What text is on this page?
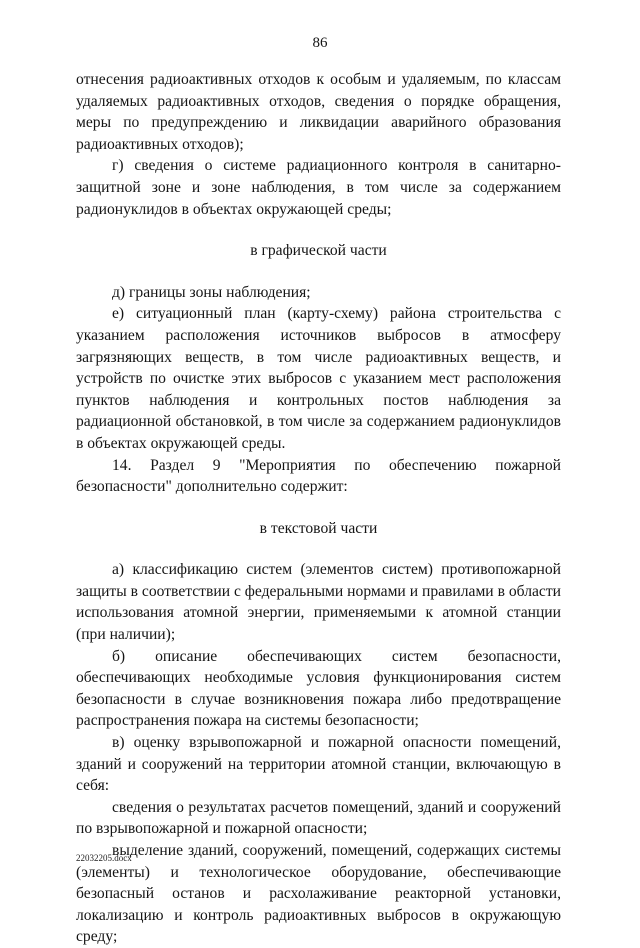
86

отнесения радиоактивных отходов к особым и удаляемым, по классам удаляемых радиоактивных отходов, сведения о порядке обращения, меры по предупреждению и ликвидации аварийного образования радиоактивных отходов);

г) сведения о системе радиационного контроля в санитарно-защитной зоне и зоне наблюдения, в том числе за содержанием радионуклидов в объектах окружающей среды;

в графической части

д) границы зоны наблюдения;

е) ситуационный план (карту-схему) района строительства с указанием расположения источников выбросов в атмосферу загрязняющих веществ, в том числе радиоактивных веществ, и устройств по очистке этих выбросов с указанием мест расположения пунктов наблюдения и контрольных постов наблюдения за радиационной обстановкой, в том числе за содержанием радионуклидов в объектах окружающей среды.

14. Раздел 9 "Мероприятия по обеспечению пожарной безопасности" дополнительно содержит:

в текстовой части

а) классификацию систем (элементов систем) противопожарной защиты в соответствии с федеральными нормами и правилами в области использования атомной энергии, применяемыми к атомной станции (при наличии);

б) описание обеспечивающих систем безопасности, обеспечивающих необходимые условия функционирования систем безопасности в случае возникновения пожара либо предотвращение распространения пожара на системы безопасности;

в) оценку взрывопожарной и пожарной опасности помещений, зданий и сооружений на территории атомной станции, включающую в себя:

сведения о результатах расчетов помещений, зданий и сооружений по взрывопожарной и пожарной опасности;

выделение зданий, сооружений, помещений, содержащих системы (элементы) и технологическое оборудование, обеспечивающие безопасный останов и расхолаживание реакторной установки, локализацию и контроль радиоактивных выбросов в окружающую среду;

22032205.docx
